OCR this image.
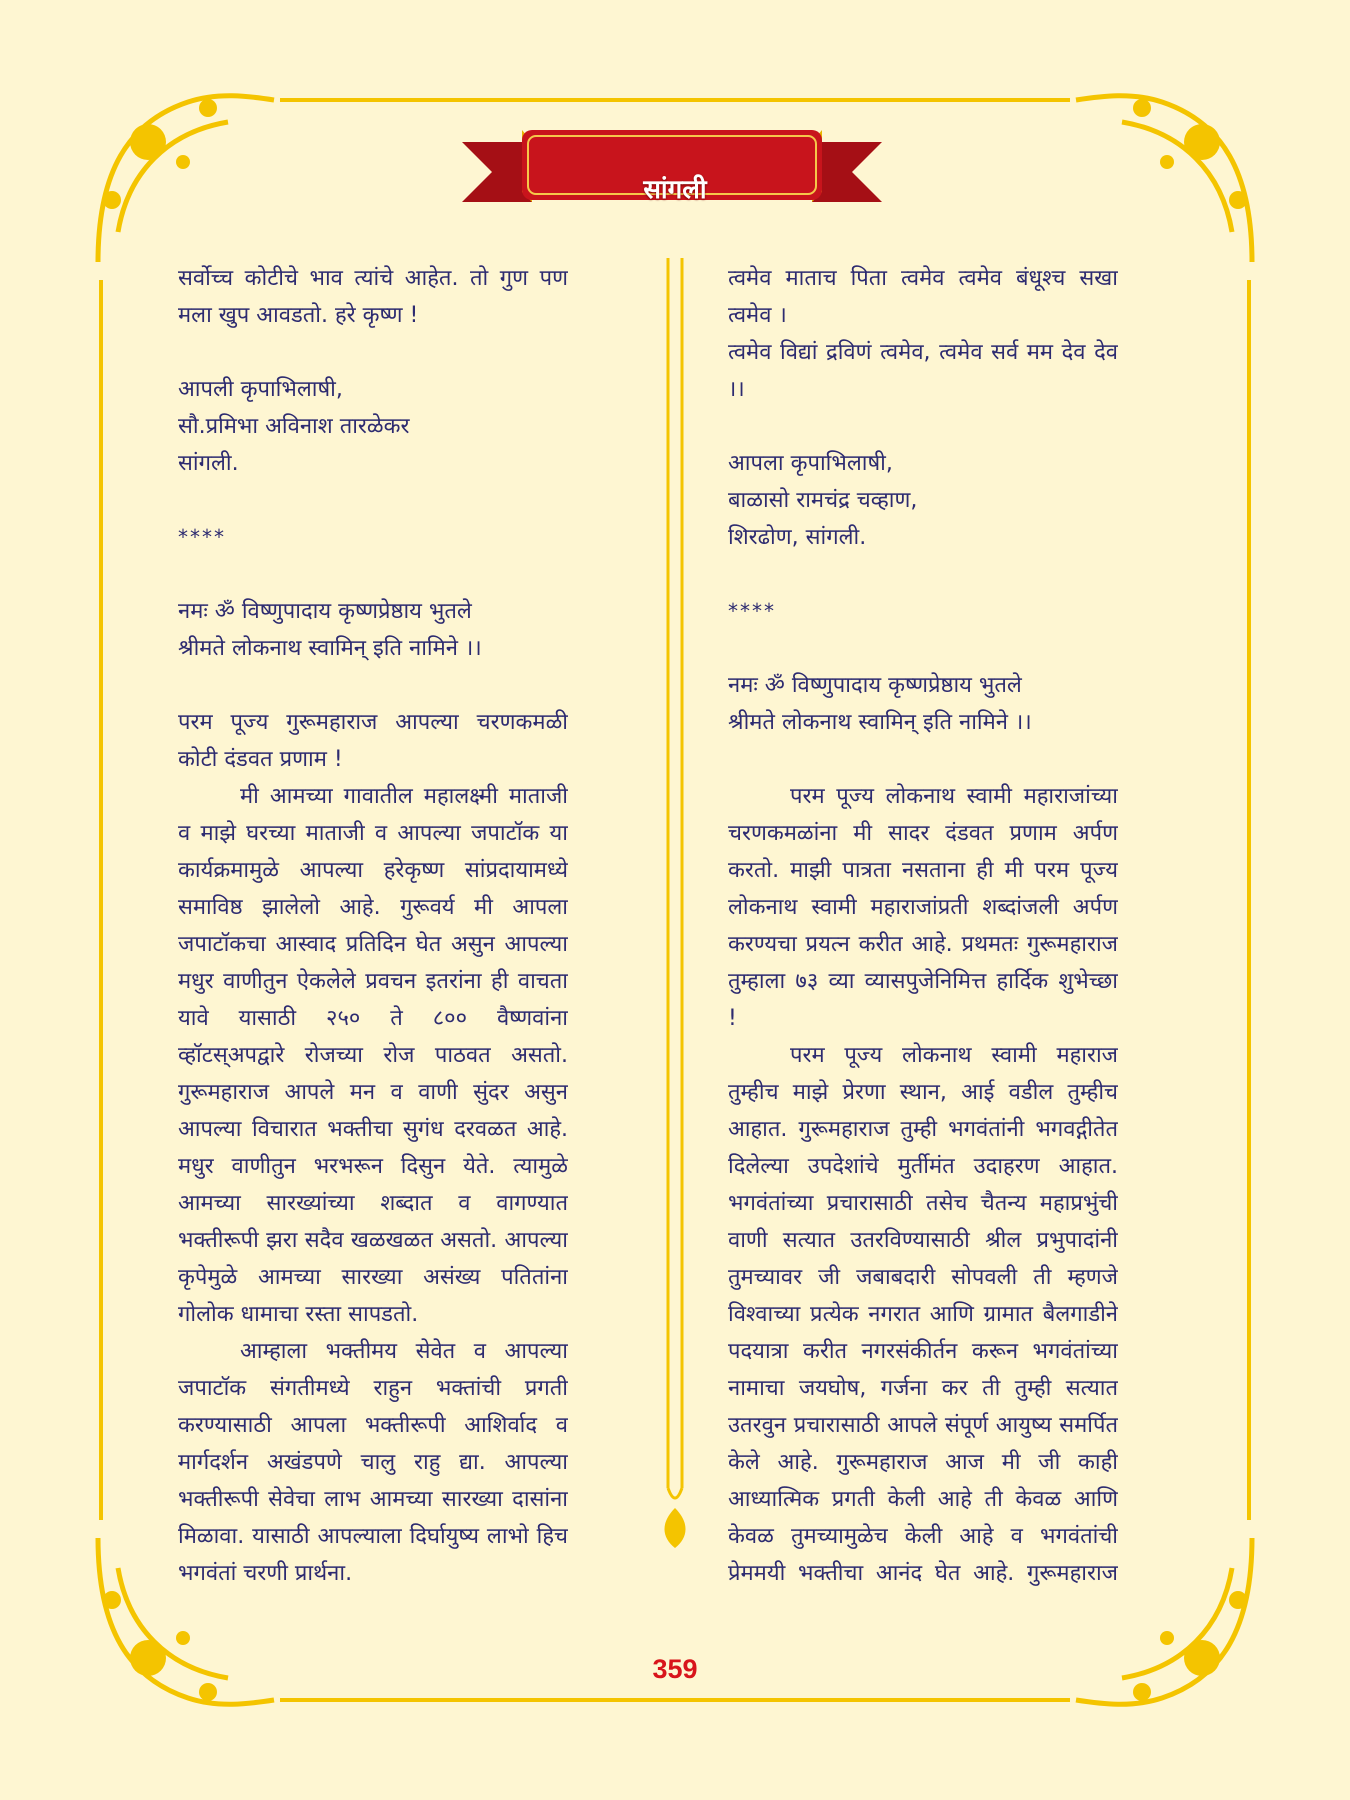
सांगली
सर्वोच्च कोटीचे भाव त्यांचे आहेत. तो गुण पण
मला खुप आवडतो. हरे कृष्ण !
आपली कृपाभिलाषी,
सौ.प्रमिभा अविनाश तारळेकर
सांगली.
****
नमः ॐ विष्णुपादाय कृष्णप्रेष्ठाय भुतले
श्रीमते लोकनाथ स्वामिन् इति नामिने ।।
परम पूज्य गुरूमहाराज आपल्या चरणकमळी
कोटी दंडवत प्रणाम !
मी आमच्या गावातील महालक्ष्मी माताजी
व माझे घरच्या माताजी व आपल्या जपाटॉक या
कार्यक्रमामुळे आपल्या हरेकृष्ण सांप्रदायामध्ये
समाविष्ठ झालेलो आहे. गुरूवर्य मी आपला
जपाटॉकचा आस्वाद प्रतिदिन घेत असुन आपल्या
मधुर वाणीतुन ऐकलेले प्रवचन इतरांना ही वाचता
यावे यासाठी २५० ते ८०० वैष्णवांना
व्हॉटस्अपद्वारे रोजच्या रोज पाठवत असतो.
गुरूमहाराज आपले मन व वाणी सुंदर असुन
आपल्या विचारात भक्तीचा सुगंध दरवळत आहे.
मधुर वाणीतुन भरभरून दिसुन येते. त्यामुळे
आमच्या सारख्यांच्या शब्दात व वागण्यात
भक्तीरूपी झरा सदैव खळखळत असतो. आपल्या
कृपेमुळे आमच्या सारख्या असंख्य पतितांना
गोलोक धामाचा रस्ता सापडतो.
आम्हाला भक्तीमय सेवेत व आपल्या
जपाटॉक संगतीमध्ये राहुन भक्तांची प्रगती
करण्यासाठी आपला भक्तीरूपी आशिर्वाद व
मार्गदर्शन अखंडपणे चालु राहु द्या. आपल्या
भक्तीरूपी सेवेचा लाभ आमच्या सारख्या दासांना
मिळावा. यासाठी आपल्याला दिर्घायुष्य लाभो हिच
भगवंतां चरणी प्रार्थना.
त्वमेव माताच पिता त्वमेव त्वमेव बंधूश्च सखा
त्वमेव ।
त्वमेव विद्यां द्रविणं त्वमेव, त्वमेव सर्व मम देव देव
।।
आपला कृपाभिलाषी,
बाळासो रामचंद्र चव्हाण,
शिरढोण, सांगली.
****
नमः ॐ विष्णुपादाय कृष्णप्रेष्ठाय भुतले
श्रीमते लोकनाथ स्वामिन् इति नामिने ।।
परम पूज्य लोकनाथ स्वामी महाराजांच्या
चरणकमळांना मी सादर दंडवत प्रणाम अर्पण
करतो. माझी पात्रता नसताना ही मी परम पूज्य
लोकनाथ स्वामी महाराजांप्रती शब्दांजली अर्पण
करण्यचा प्रयत्न करीत आहे. प्रथमतः गुरूमहाराज
तुम्हाला ७३ व्या व्यासपुजेनिमित्त हार्दिक शुभेच्छा
!
परम पूज्य लोकनाथ स्वामी महाराज
तुम्हीच माझे प्रेरणा स्थान, आई वडील तुम्हीच
आहात. गुरूमहाराज तुम्ही भगवंतांनी भगवद्गीतेत
दिलेल्या उपदेशांचे मुर्तीमंत उदाहरण आहात.
भगवंतांच्या प्रचारासाठी तसेच चैतन्य महाप्रभुंची
वाणी सत्यात उतरविण्यासाठी श्रील प्रभुपादांनी
तुमच्यावर जी जबाबदारी सोपवली ती म्हणजे
विश्वाच्या प्रत्येक नगरात आणि ग्रामात बैलगाडीने
पदयात्रा करीत नगरसंकीर्तन करून भगवंतांच्या
नामाचा जयघोष, गर्जना कर ती तुम्ही सत्यात
उतरवुन प्रचारासाठी आपले संपूर्ण आयुष्य समर्पित
केले आहे. गुरूमहाराज आज मी जी काही
आध्यात्मिक प्रगती केली आहे ती केवळ आणि
केवळ तुमच्यामुळेच केली आहे व भगवंतांची
प्रेममयी भक्तीचा आनंद घेत आहे. गुरूमहाराज
359
